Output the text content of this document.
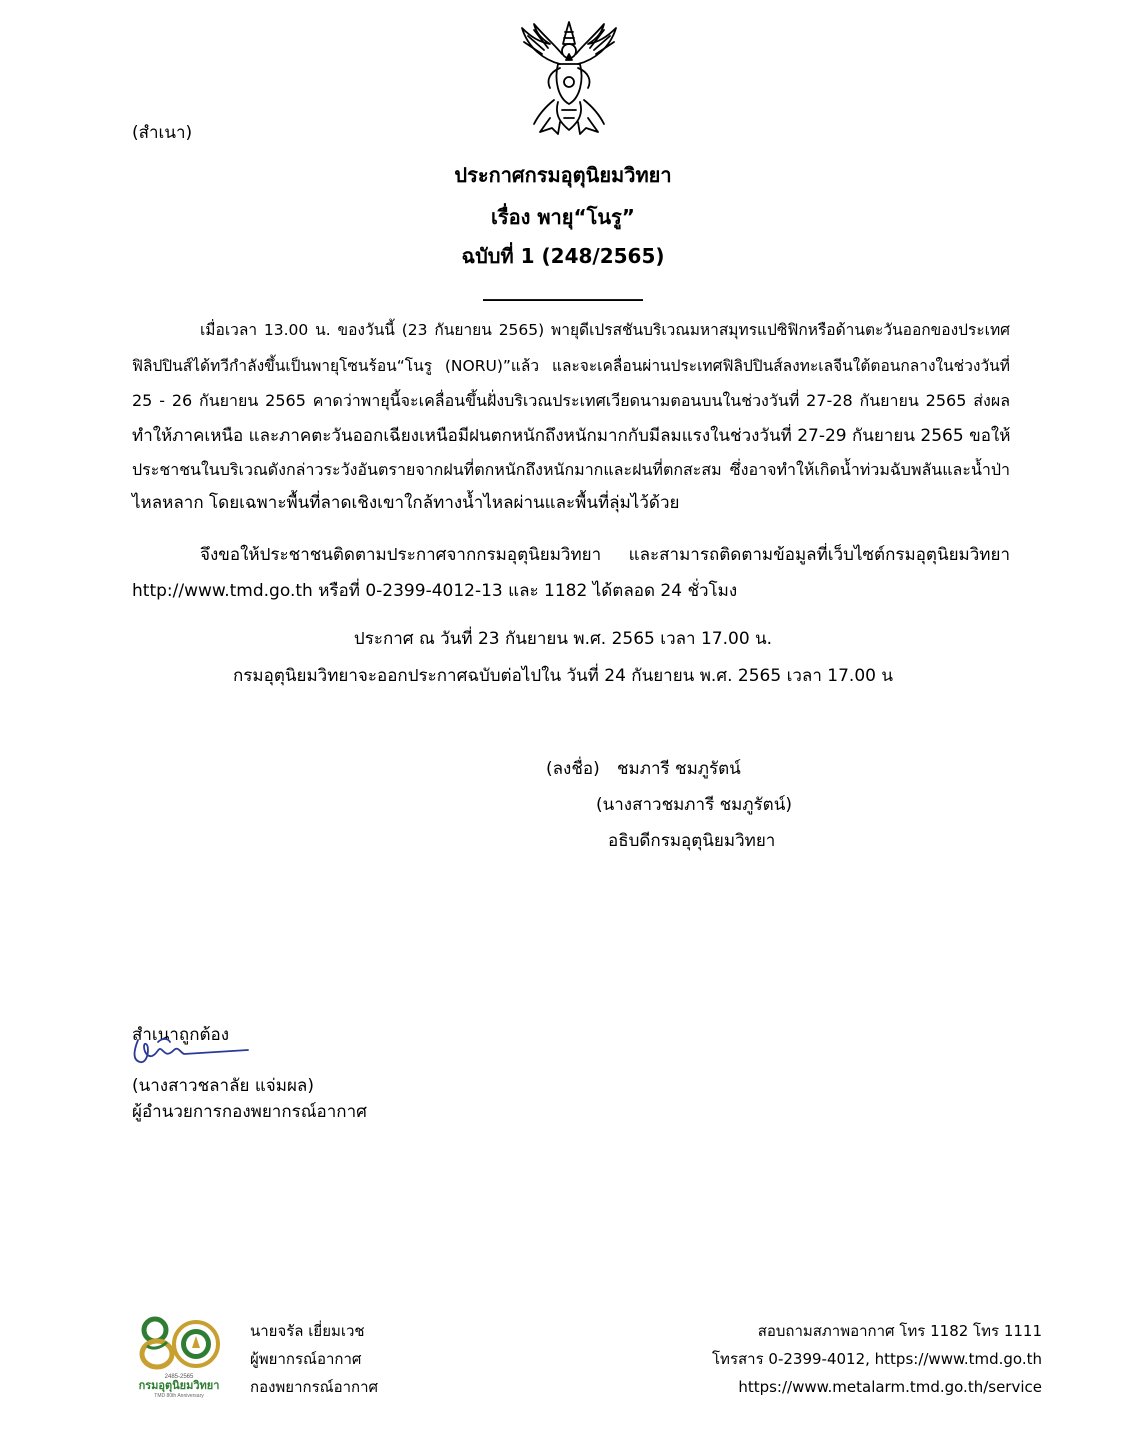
(สำเนา)
ประกาศกรมอุตุนิยมวิทยา
เรื่อง พายุ“โนรู”
ฉบับที่ 1 (248/2565)
________________
เมื่อเวลา 13.00 น. ของวันนี้ (23 กันยายน 2565) พายุดีเปรสชันบริเวณมหาสมุทรแปซิฟิกหรือด้านตะวันออกของประเทศ
ฟิลิปปินส์ได้ทวีกำลังขึ้นเป็นพายุโซนร้อน“โนรู (NORU)”แล้ว และจะเคลื่อนผ่านประเทศฟิลิปปินส์ลงทะเลจีนใต้ตอนกลางในช่วงวันที่
25 - 26 กันยายน 2565 คาดว่าพายุนี้จะเคลื่อนขึ้นฝั่งบริเวณประเทศเวียดนามตอนบนในช่วงวันที่ 27-28 กันยายน 2565 ส่งผล
ทำให้ภาคเหนือ และภาคตะวันออกเฉียงเหนือมีฝนตกหนักถึงหนักมากกับมีลมแรงในช่วงวันที่ 27-29 กันยายน 2565 ขอให้
ประชาชนในบริเวณดังกล่าวระวังอันตรายจากฝนที่ตกหนักถึงหนักมากและฝนที่ตกสะสม ซึ่งอาจทำให้เกิดน้ำท่วมฉับพลันและน้ำป่า
ไหลหลาก โดยเฉพาะพื้นที่ลาดเชิงเขาใกล้ทางน้ำไหลผ่านและพื้นที่ลุ่มไว้ด้วย
จึงขอให้ประชาชนติดตามประกาศจากกรมอุตุนิยมวิทยา และสามารถติดตามข้อมูลที่เว็บไซต์กรมอุตุนิยมวิทยา
http://www.tmd.go.th หรือที่ 0-2399-4012-13 และ 1182 ได้ตลอด 24 ชั่วโมง
ประกาศ ณ วันที่ 23 กันยายน พ.ศ. 2565 เวลา 17.00 น.
กรมอุตุนิยมวิทยาจะออกประกาศฉบับต่อไปใน วันที่ 24 กันยายน พ.ศ. 2565 เวลา 17.00 น
(ลงชื่อ) ชมภารี ชมภูรัตน์
(นางสาวชมภารี ชมภูรัตน์)
อธิบดีกรมอุตุนิยมวิทยา
สำเนาถูกต้อง
(นางสาวชลาลัย แจ่มผล)
ผู้อำนวยการกองพยากรณ์อากาศ
2485-2565
กรมอุตุนิยมวิทยา
TMD 80th Anniversary
นายจรัล เยี่ยมเวช
ผู้พยากรณ์อากาศ
กองพยากรณ์อากาศ
สอบถามสภาพอากาศ โทร 1182 โทร 1111
โทรสาร 0-2399-4012, https://www.tmd.go.th
https://www.metalarm.tmd.go.th/service
